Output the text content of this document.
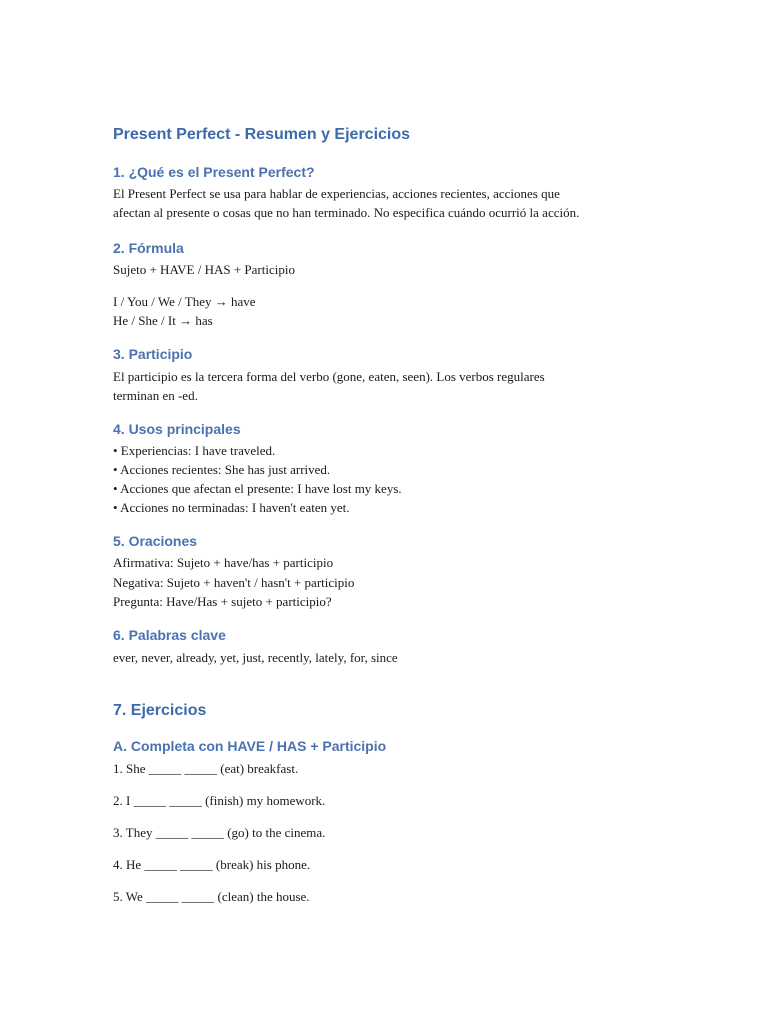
Present Perfect - Resumen y Ejercicios
1. ¿Qué es el Present Perfect?

El Present Perfect se usa para hablar de experiencias, acciones recientes, acciones que

afectan al presente o cosas que no han terminado. No especifica cuándo ocurrió la acción.

2. Fórmula

Sujeto + HAVE / HAS + Participio

I / You / We / They → have

He / She / It → has

3. Participio

El participio es la tercera forma del verbo (gone, eaten, seen). Los verbos regulares

terminan en -ed.

4. Usos principales

• Experiencias: I have traveled.

• Acciones recientes: She has just arrived.

• Acciones que afectan el presente: I have lost my keys.

• Acciones no terminadas: I haven't eaten yet.

5. Oraciones

Afirmativa: Sujeto + have/has + participio

Negativa: Sujeto + haven't / hasn't + participio

Pregunta: Have/Has + sujeto + participio?

6. Palabras clave

ever, never, already, yet, just, recently, lately, for, since

7. Ejercicios
A. Completa con HAVE / HAS + Participio

1. She _____ _____ (eat) breakfast.

2. I _____ _____ (finish) my homework.

3. They _____ _____ (go) to the cinema.

4. He _____ _____ (break) his phone.

5. We _____ _____ (clean) the house.
